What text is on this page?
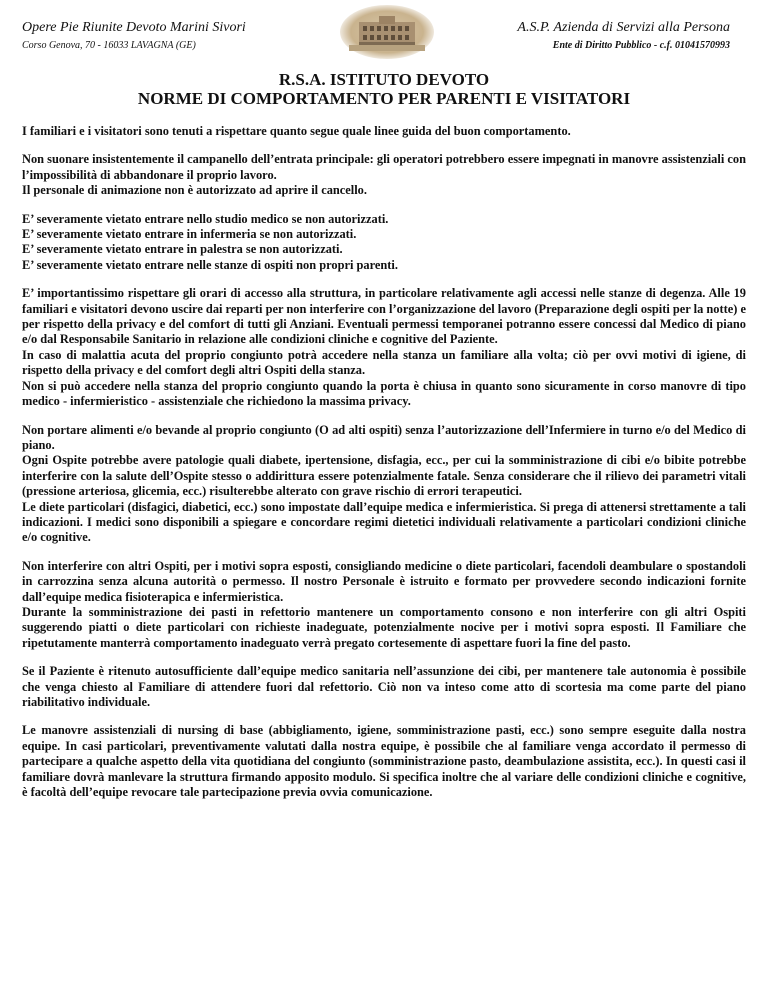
Opere Pie Riunite Devoto Marini Sivori
Corso Genova, 70 - 16033 LAVAGNA (GE)
A.S.P. Azienda di Servizi alla Persona
Ente di Diritto Pubblico - c.f. 01041570993
R.S.A. ISTITUTO DEVOTO
NORME DI COMPORTAMENTO PER PARENTI E VISITATORI

I familiari e i visitatori sono tenuti a rispettare quanto segue quale linee guida del buon comportamento.

Non suonare insistentemente il campanello dell’entrata principale: gli operatori potrebbero essere impegnati in manovre assistenziali con l’impossibilità di abbandonare il proprio lavoro.
Il personale di animazione non è autorizzato ad aprire il cancello.

E’ severamente vietato entrare nello studio medico se non autorizzati.
E’ severamente vietato entrare in infermeria se non autorizzati.
E’ severamente vietato entrare in palestra se non autorizzati.
E’ severamente vietato entrare nelle stanze di ospiti non propri parenti.

E’ importantissimo rispettare gli orari di accesso alla struttura, in particolare relativamente agli accessi nelle stanze di degenza. Alle 19 familiari e visitatori devono uscire dai reparti per non interferire con l’organizzazione del lavoro (Preparazione degli ospiti per la notte) e per rispetto della privacy e del comfort di tutti gli Anziani. Eventuali permessi temporanei potranno essere concessi dal Medico di piano e/o dal Responsabile Sanitario in relazione alle condizioni cliniche e cognitive del Paziente.
In caso di malattia acuta del proprio congiunto potrà accedere nella stanza un familiare alla volta; ciò per ovvi motivi di igiene, di rispetto della privacy e del comfort degli altri Ospiti della stanza.
Non si può accedere nella stanza del proprio congiunto quando la porta è chiusa in quanto sono sicuramente in corso manovre di tipo medico - infermieristico - assistenziale che richiedono la massima privacy.

Non portare alimenti e/o bevande al proprio congiunto (O ad alti ospiti) senza l’autorizzazione dell’Infermiere in turno e/o del Medico di piano.
Ogni Ospite potrebbe avere patologie quali diabete, ipertensione, disfagia, ecc., per cui la somministrazione di cibi e/o bibite potrebbe interferire con la salute dell’Ospite stesso o addirittura essere potenzialmente fatale. Senza considerare che il rilievo dei parametri vitali (pressione arteriosa, glicemia, ecc.) risulterebbe alterato con grave rischio di errori terapeutici.
Le diete particolari (disfagici, diabetici, ecc.) sono impostate dall’equipe medica e infermieristica. Si prega di attenersi strettamente a tali indicazioni. I medici sono disponibili a spiegare e concordare regimi dietetici individuali relativamente a particolari condizioni cliniche e/o cognitive.

Non interferire con altri Ospiti, per i motivi sopra esposti, consigliando medicine o diete particolari, facendoli deambulare o spostandoli in carrozzina senza alcuna autorità o permesso. Il nostro Personale è istruito e formato per provvedere secondo indicazioni fornite dall’equipe medica fisioterapica e infermieristica.
Durante la somministrazione dei pasti in refettorio mantenere un comportamento consono e non interferire con gli altri Ospiti suggerendo piatti o diete particolari con richieste inadeguate, potenzialmente nocive per i motivi sopra esposti. Il Familiare che ripetutamente manterrà comportamento inadeguato verrà pregato cortesemente di aspettare fuori la fine del pasto.

Se il Paziente è ritenuto autosufficiente dall’equipe medico sanitaria nell’assunzione dei cibi, per mantenere tale autonomia è possibile che venga chiesto al Familiare di attendere fuori dal refettorio. Ciò non va inteso come atto di scortesia ma come parte del piano riabilitativo individuale.

Le manovre assistenziali di nursing di base (abbigliamento, igiene, somministrazione pasti, ecc.) sono sempre eseguite dalla nostra equipe. In casi particolari, preventivamente valutati dalla nostra equipe, è possibile che al familiare venga accordato il permesso di partecipare a qualche aspetto della vita quotidiana del congiunto (somministrazione pasto, deambulazione assistita, ecc.). In questi casi il familiare dovrà manlevare la struttura firmando apposito modulo. Si specifica inoltre che al variare delle condizioni cliniche e cognitive, è facoltà dell’equipe revocare tale partecipazione previa ovvia comunicazione.
